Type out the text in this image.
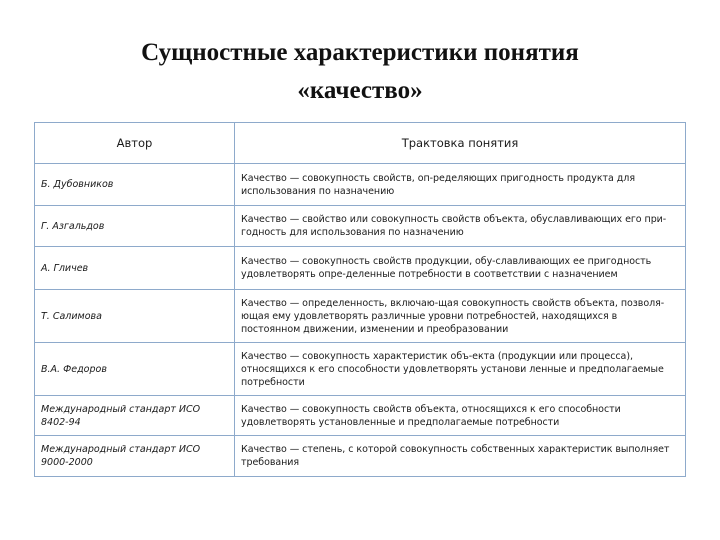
Сущностные характеристики понятия
«качество»
Автор	Трактовка понятия
Б. Дубовников	Качество — совокупность свойств, оп-ределяющих пригодность продукта для использования по назначению
Г. Азгальдов	Качество — свойство или совокупность свойств объекта, обуславливающих его при-годность для использования по назначению
А. Гличев	Качество — совокупность свойств продукции, обу-славливающих ее пригодность удовлетворять опре-деленные потребности в соответствии с назначением
Т. Салимова	Качество — определенность, включаю-щая совокупность свойств объекта, позволя-ющая ему удовлетворять различные уровни потребностей, находящихся в постоянном движении, изменении и преобразовании
В.А. Федоров	Качество — совокупность характеристик объ-екта (продукции или процесса), относящихся к его способности удовлетворять установи ленные и предполагаемые потребности
Международный стандарт ИСО 8402-94	Качество — совокупность свойств объекта, относящихся к его способности удовлетворять установленные и предполагаемые потребности
Международный стандарт ИСО 9000-2000	Качество — степень, с которой совокупность собственных характеристик выполняет требования
